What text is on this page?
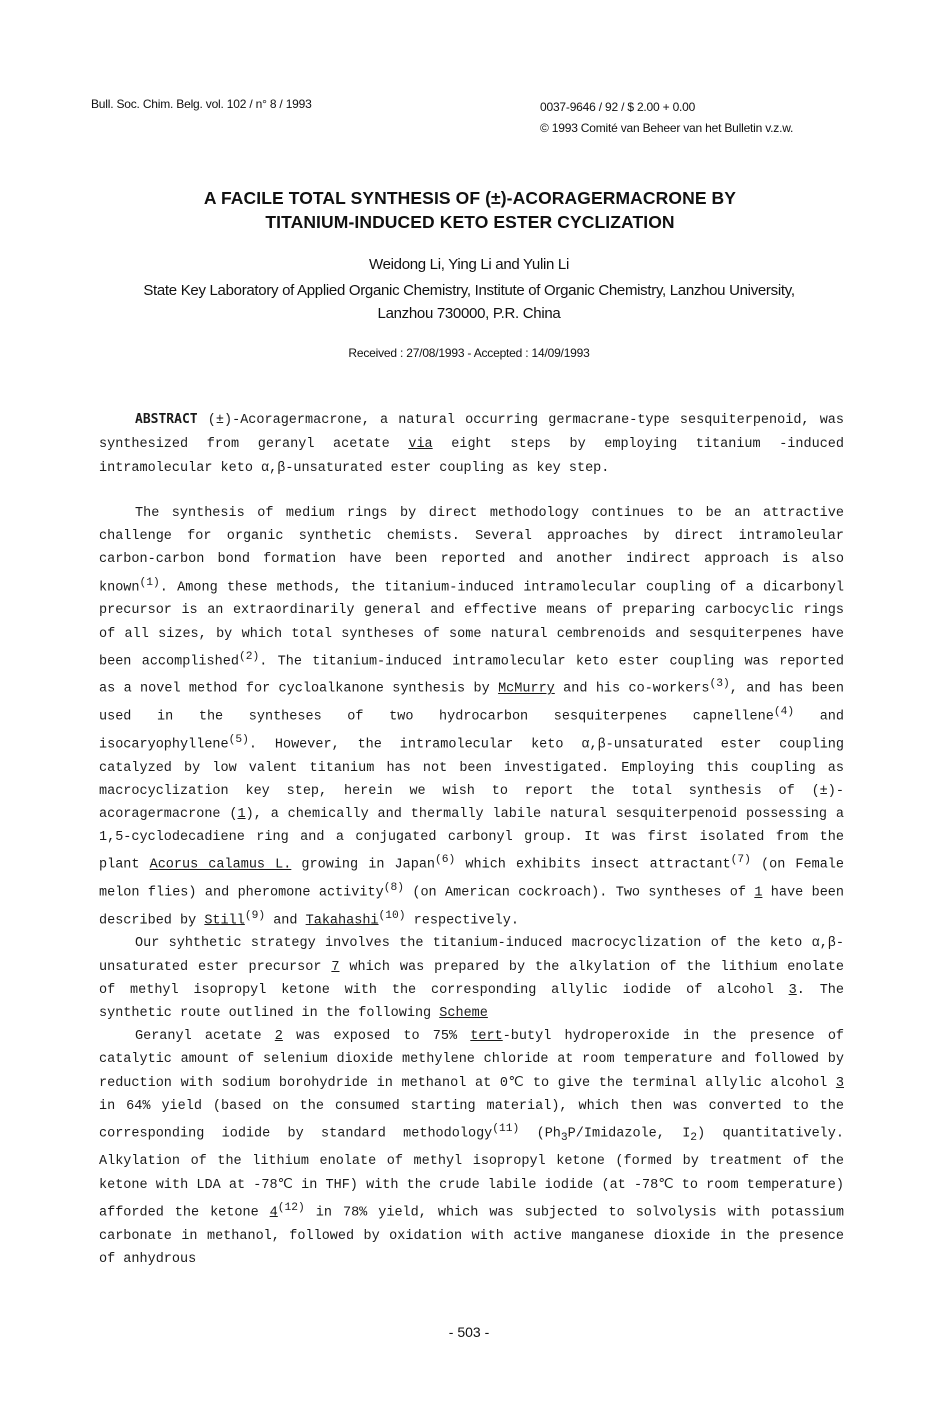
Bull. Soc. Chim. Belg. vol. 102 / n° 8 / 1993	0037-9646 / 92 / $ 2.00 + 0.00
© 1993 Comité van Beheer van het Bulletin v.z.w.
A FACILE TOTAL SYNTHESIS OF (±)-ACORAGERMACRONE BY
TITANIUM-INDUCED KETO ESTER CYCLIZATION
Weidong Li, Ying Li and Yulin Li
State Key Laboratory of Applied Organic Chemistry, Institute of Organic Chemistry, Lanzhou University,
Lanzhou 730000, P.R. China
Received : 27/08/1993 - Accepted : 14/09/1993

ABSTRACT (±)-Acoragermacrone, a natural occurring germacrane-type sesquiterpenoid, was synthesized from geranyl acetate via eight steps by employing titanium -induced intramolecular keto α,β-unsaturated ester coupling as key step.

The synthesis of medium rings by direct methodology continues to be an attractive challenge for organic synthetic chemists. Several approaches by direct intramoleular carbon-carbon bond formation have been reported and another indirect approach is also known$^{(1)}$. Among these methods, the titanium-induced intramolecular coupling of a dicarbonyl precursor is an extraordinarily general and effective means of preparing carbocyclic rings of all sizes, by which total syntheses of some natural cembrenoids and sesquiterpenes have been accomplished$^{(2)}$. The titanium-induced intramolecular keto ester coupling was reported as a novel method for cycloalkanone synthesis by McMurry and his co-workers$^{(3)}$, and has been used in the syntheses of two hydrocarbon sesquiterpenes capnellene$^{(4)}$ and isocaryophyllene$^{(5)}$. However, the intramolecular keto α,β-unsaturated ester coupling catalyzed by low valent titanium has not been investigated. Employing this coupling as macrocyclization key step, herein we wish to report the total synthesis of (±)-acoragermacrone (1), a chemically and thermally labile natural sesquiterpenoid possessing a 1,5-cyclodecadiene ring and a conjugated carbonyl group. It was first isolated from the plant Acorus calamus L. growing in Japan$^{(6)}$ which exhibits insect attractant$^{(7)}$ (on Female melon flies) and pheromone activity$^{(8)}$ (on American cockroach). Two syntheses of 1 have been described by Still$^{(9)}$ and Takahashi$^{(10)}$ respectively.

Our syhthetic strategy involves the titanium-induced macrocyclization of the keto α,β-unsaturated ester precursor 7 which was prepared by the alkylation of the lithium enolate of methyl isopropyl ketone with the corresponding allylic iodide of alcohol 3. The synthetic route outlined in the following Scheme

Geranyl acetate 2 was exposed to 75% tert-butyl hydroperoxide in the presence of catalytic amount of selenium dioxide methylene chloride at room temperature and followed by reduction with sodium borohydride in methanol at 0℃ to give the terminal allylic alcohol 3 in 64% yield (based on the consumed starting material), which then was converted to the corresponding iodide by standard methodology$^{(11)}$ ($Ph_3P$/Imidazole, $I_2$) quantitatively. Alkylation of the lithium enolate of methyl isopropyl ketone (formed by treatment of the ketone with LDA at -78℃ in THF) with the crude labile iodide (at -78℃ to room temperature) afforded the ketone 4$^{(12)}$ in 78% yield, which was subjected to solvolysis with potassium carbonate in methanol, followed by oxidation with active manganese dioxide in the presence of anhydrous

- 503 -
